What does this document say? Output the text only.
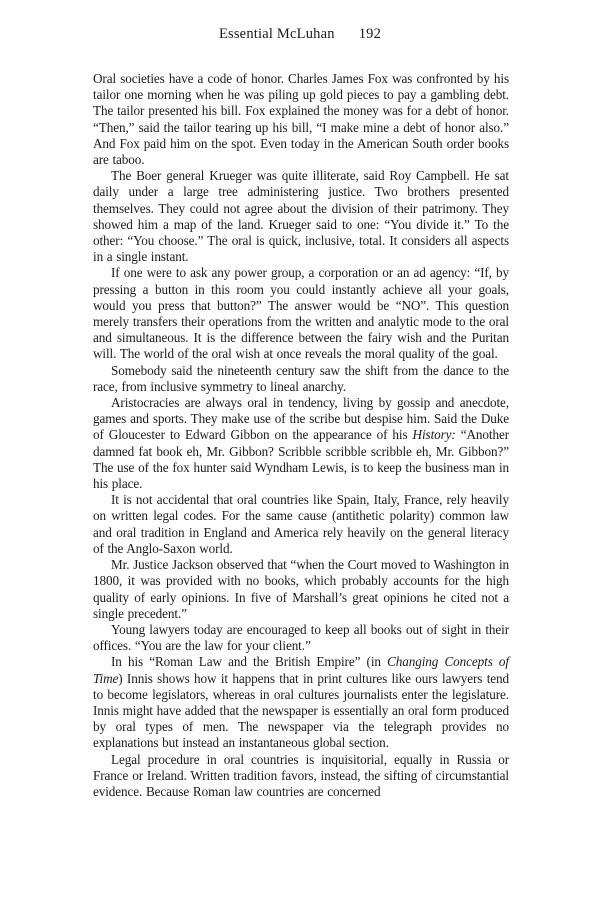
Essential McLuhan 192

Oral societies have a code of honor. Charles James Fox was confronted by his tailor one morning when he was piling up gold pieces to pay a gambling debt. The tailor presented his bill. Fox explained the money was for a debt of honor. “Then,” said the tailor tearing up his bill, “I make mine a debt of honor also.” And Fox paid him on the spot. Even today in the American South order books are taboo.

The Boer general Krueger was quite illiterate, said Roy Campbell. He sat daily under a large tree administering justice. Two brothers presented themselves. They could not agree about the division of their patrimony. They showed him a map of the land. Krueger said to one: “You divide it.” To the other: “You choose.” The oral is quick, inclusive, total. It considers all aspects in a single instant.

If one were to ask any power group, a corporation or an ad agency: “If, by pressing a button in this room you could instantly achieve all your goals, would you press that button?” The answer would be “NO”. This question merely transfers their operations from the written and analytic mode to the oral and simultaneous. It is the difference between the fairy wish and the Puritan will. The world of the oral wish at once reveals the moral quality of the goal.

Somebody said the nineteenth century saw the shift from the dance to the race, from inclusive symmetry to lineal anarchy.

Aristocracies are always oral in tendency, living by gossip and anecdote, games and sports. They make use of the scribe but despise him. Said the Duke of Gloucester to Edward Gibbon on the appearance of his History: “Another damned fat book eh, Mr. Gibbon? Scribble scribble scribble eh, Mr. Gibbon?” The use of the fox hunter said Wyndham Lewis, is to keep the business man in his place.

It is not accidental that oral countries like Spain, Italy, France, rely heavily on written legal codes. For the same cause (antithetic polarity) common law and oral tradition in England and America rely heavily on the general literacy of the Anglo-Saxon world.

Mr. Justice Jackson observed that “when the Court moved to Washington in 1800, it was provided with no books, which probably accounts for the high quality of early opinions. In five of Marshall’s great opinions he cited not a single precedent.”

Young lawyers today are encouraged to keep all books out of sight in their offices. “You are the law for your client.”

In his “Roman Law and the British Empire” (in Changing Concepts of Time) Innis shows how it happens that in print cultures like ours lawyers tend to become legislators, whereas in oral cultures journalists enter the legislature. Innis might have added that the newspaper is essentially an oral form produced by oral types of men. The newspaper via the telegraph provides no explanations but instead an instantaneous global section.

Legal procedure in oral countries is inquisitorial, equally in Russia or France or Ireland. Written tradition favors, instead, the sifting of circumstantial evidence. Because Roman law countries are concerned
